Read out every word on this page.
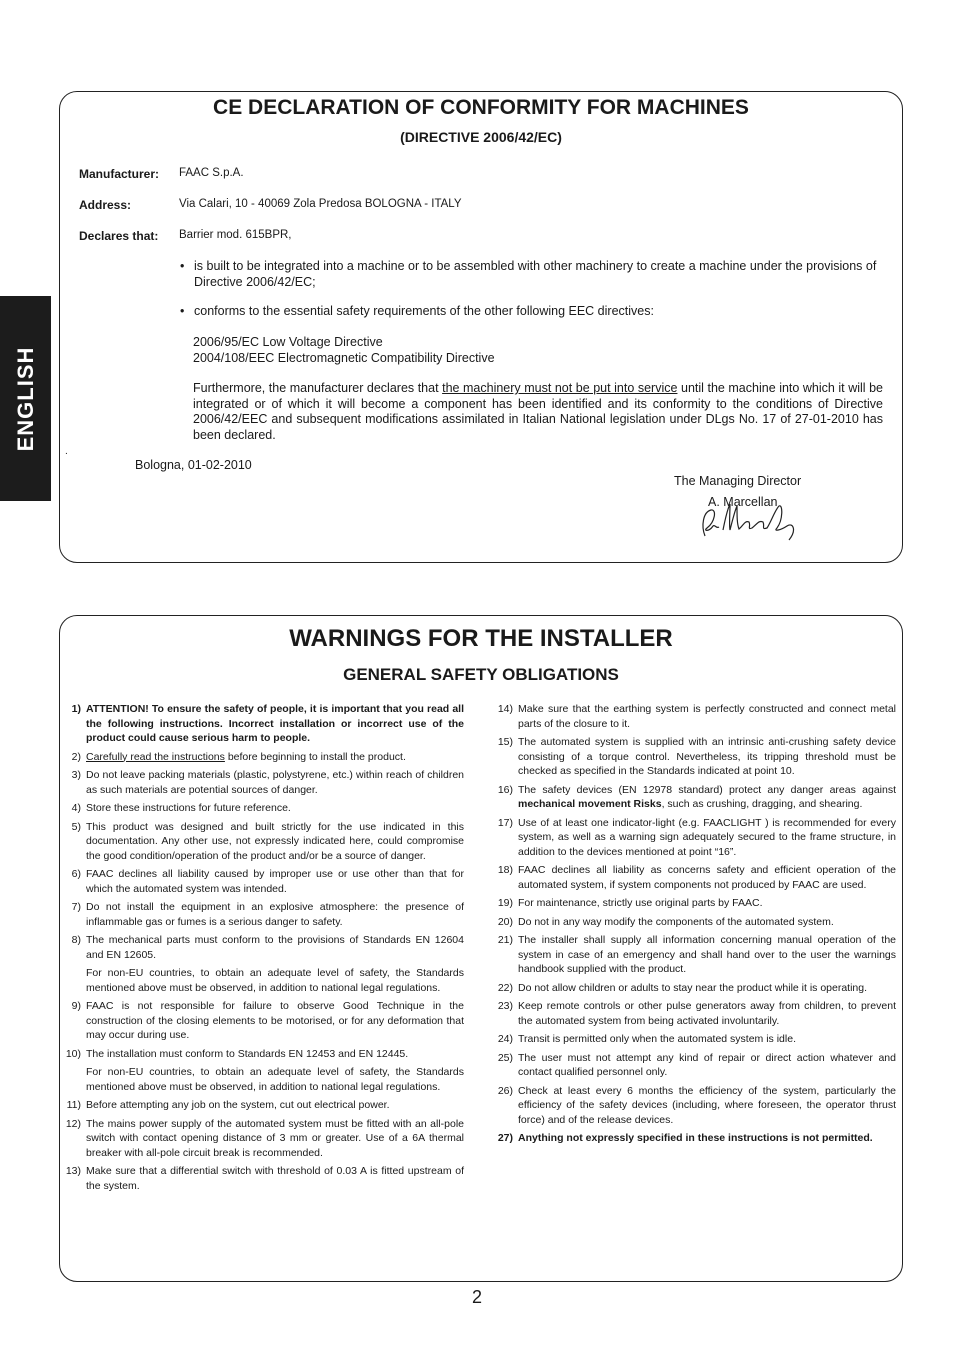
ENGLISH
CE DECLARATION OF CONFORMITY FOR MACHINES
(DIRECTIVE 2006/42/EC)
Manufacturer: FAAC S.p.A.
Address:	Via Calari, 10 - 40069 Zola Predosa BOLOGNA - ITALY
Declares that: Barrier mod. 615BPR,
• is built to be integrated into a machine or to be assembled with other machinery to create a machine under the provisions of Directive 2006/42/EC;
• conforms to the essential safety requirements of the other following EEC directives:
2006/95/EC Low Voltage Directive
2004/108/EEC Electromagnetic Compatibility Directive
Furthermore, the manufacturer declares that the machinery must not be put into service until the machine into which it will be integrated or of which it will become a component has been identified and its conformity to the conditions of Directive 2006/42/EEC and subsequent modifications assimilated in Italian National legislation under DLgs No. 17 of 27-01-2010 has been declared.
.
Bologna, 01-02-2010
The Managing Director
A. Marcellan
WARNINGS FOR THE INSTALLER
GENERAL SAFETY OBLIGATIONS
1) ATTENTION! To ensure the safety of people, it is important that you read all the following instructions. Incorrect installation or incorrect use of the product could cause serious harm to people.
2) Carefully read the instructions before beginning to install the product.
3) Do not leave packing materials (plastic, polystyrene, etc.) within reach of children as such materials are potential sources of danger.
4) Store these instructions for future reference.
5) This product was designed and built strictly for the use indicated in this documentation. Any other use, not expressly indicated here, could compromise the good condition/operation of the product and/or be a source of danger.
6) FAAC declines all liability caused by improper use or use other than that for which the automated system was intended.
7) Do not install the equipment in an explosive atmosphere: the presence of inflammable gas or fumes is a serious danger to safety.
8) The mechanical parts must conform to the provisions of Standards EN 12604 and EN 12605.
For non-EU countries, to obtain an adequate level of safety, the Standards mentioned above must be observed, in addition to national legal regulations.
9) FAAC is not responsible for failure to observe Good Technique in the construction of the closing elements to be motorised, or for any deformation that may occur during use.
10) The installation must conform to Standards EN 12453 and EN 12445.
For non-EU countries, to obtain an adequate level of safety, the Standards mentioned above must be observed, in addition to national legal regulations.
11) Before attempting any job on the system, cut out electrical power.
12) The mains power supply of the automated system must be fitted with an all-pole switch with contact opening distance of 3 mm or greater. Use of a 6A thermal breaker with all-pole circuit break is recommended.
13) Make sure that a differential switch with threshold of 0.03 A is fitted upstream of the system.
14) Make sure that the earthing system is perfectly constructed and connect metal parts of the closure to it.
15) The automated system is supplied with an intrinsic anti-crushing safety device consisting of a torque control. Nevertheless, its tripping threshold must be checked as specified in the Standards indicated at point 10.
16) The safety devices (EN 12978 standard) protect any danger areas against mechanical movement Risks, such as crushing, dragging, and shearing.
17) Use of at least one indicator-light (e.g. FAACLIGHT ) is recommended for every system, as well as a warning sign adequately secured to the frame structure, in addition to the devices mentioned at point “16”.
18) FAAC declines all liability as concerns safety and efficient operation of the automated system, if system components not produced by FAAC are used.
19) For maintenance, strictly use original parts by FAAC.
20) Do not in any way modify the components of the automated system.
21) The installer shall supply all information concerning manual operation of the system in case of an emergency and shall hand over to the user the warnings handbook supplied with the product.
22) Do not allow children or adults to stay near the product while it is operating.
23) Keep remote controls or other pulse generators away from children, to prevent the automated system from being activated involuntarily.
24) Transit is permitted only when the automated system is idle.
25) The user must not attempt any kind of repair or direct action whatever and contact qualified personnel only.
26) Check at least every 6 months the efficiency of the system, particularly the efficiency of the safety devices (including, where foreseen, the operator thrust force) and of the release devices.
27) Anything not expressly specified in these instructions is not permitted.
2
